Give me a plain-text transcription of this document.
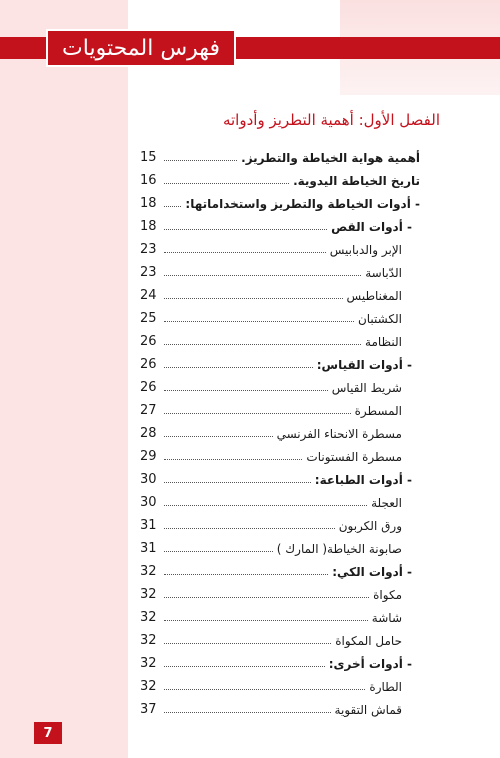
فهرس المحتويات
الفصل الأول: أهمية التطريز وأدواته
أهمية هواية الخياطة والتطريز.
15
تاريخ الخياطة اليدوية.
16
- أدوات الخياطة والتطريز واستخداماتها:
18
- أدوات القص
18
الإبر والدبابيس
23
الدّباسة
23
المغناطيس
24
الكشتبان
25
النظامة
26
- أدوات القياس:
26
شريط القياس
26
المسطرة
27
مسطرة الانحناء الفرنسي
28
مسطرة الفستونات
29
- أدوات الطباعة:
30
العجلة
30
ورق الكربون
31
صابونة الخياطة( المارك )
31
- أدوات الكي:
32
مكواة
32
شاشة
32
حامل المكواة
32
- أدوات أخرى:
32
الطارة
32
قماش التقوية
37
7
